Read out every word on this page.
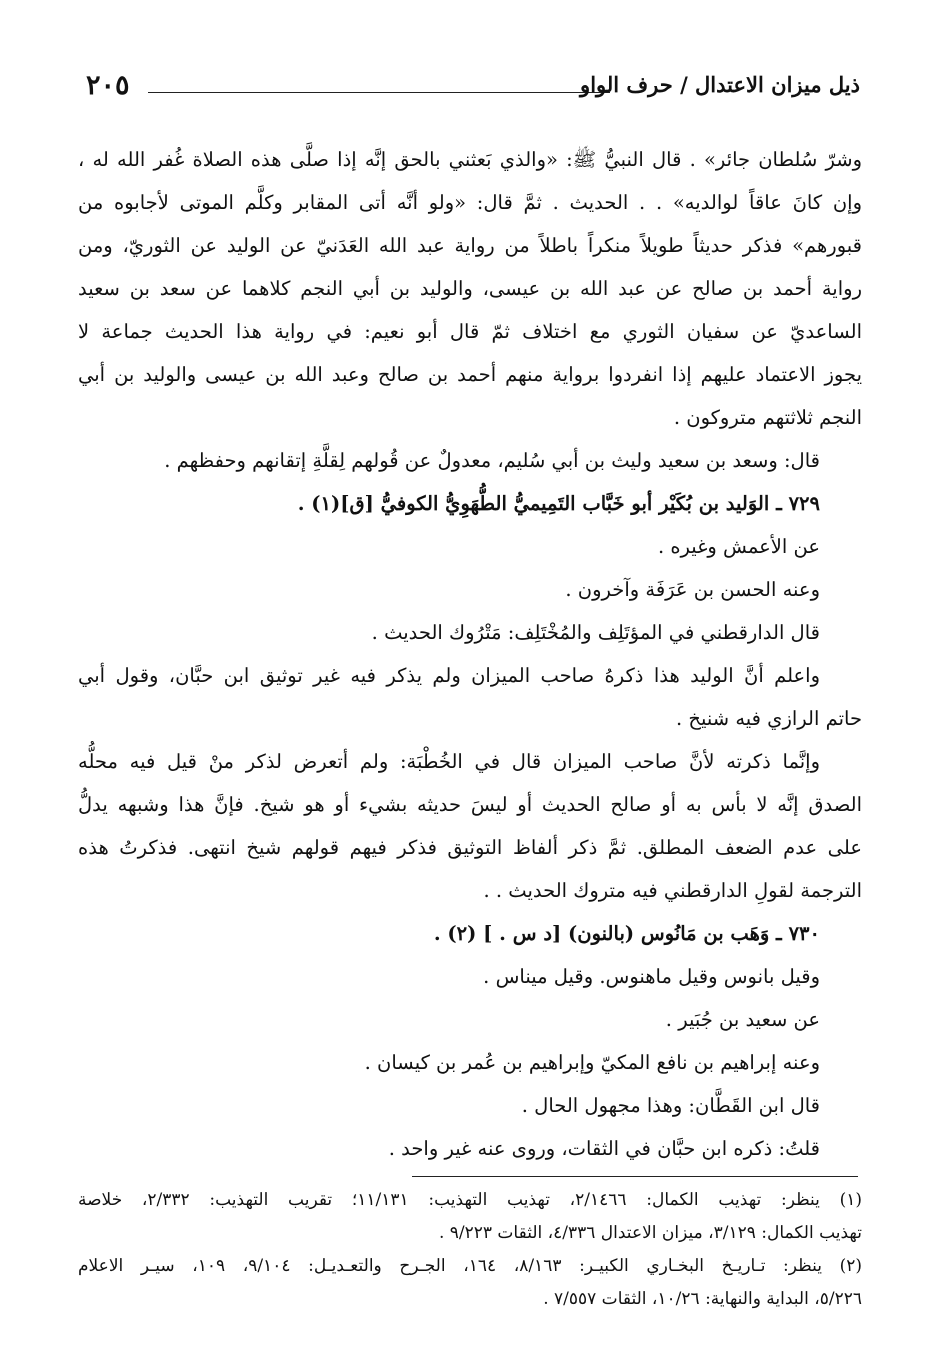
٢٠٥	ذيل ميزان الاعتدال / حرف الواو
وشرّ سُلطان جائر» . قال النبيُّ ﷺ: «والذي بَعثني بالحق إنَّه إذا صلَّى هذه الصلاة غُفر الله له ،
وإن كانَ عاقاً لوالديه» . . الحديث . ثمَّ قال: «ولو أنَّه أتى المقابر وكلَّم الموتى لأجابوه من
قبورهم» فذكر حديثاً طويلاً منكراً باطلاً من رواية عبد الله العَدَنيّ عن الوليد عن الثوريّ، ومن
رواية أحمد بن صالح عن عبد الله بن عيسى، والوليد بن أبي النجم كلاهما عن سعد بن سعيد
الساعديّ عن سفيان الثوري مع اختلاف ثمّ قال أبو نعيم: في رواية هذا الحديث جماعة لا
يجوز الاعتماد عليهم إذا انفردوا برواية منهم أحمد بن صالح وعبد الله بن عيسى والوليد بن أبي
النجم ثلاثتهم متروكون .
قال: وسعد بن سعيد وليث بن أبي سُليم، معدولٌ عن قُولهم لِقلَّةِ إتقانهم وحفظهم .
٧٢٩ ـ الوَليد بن بُكَيْر أبو خَبَّاب التَمِيميُّ الطُّهَوِيُّ الكوفيُّ [ق](١) .
عن الأعمش وغيره .
وعنه الحسن بن عَرَفَة وآخرون .
قال الدارقطني في المؤتَلِف والمُخْتَلِف: مَتْرُوك الحديث .
واعلم أنَّ الوليد هذا ذكرهُ صاحب الميزان ولم يذكر فيه غير توثيق ابن حبَّان، وقول أبي
حاتم الرازي فيه شنيخ .
وإنَّما ذكرته لأنَّ صاحب الميزان قال في الخُطْبَة: ولم أتعرض لذكر منْ قيل فيه محلُّه
الصدق إنَّه لا بأس به أو صالح الحديث أو ليسَ حديثه بشيء أو هو شيخ. فإنَّ هذا وشبهه يدلُّ
على عدم الضعف المطلق. ثمَّ ذكر ألفاظ التوثيق فذكر فيهم قولهم شيخ انتهى. فذكرتُ هذه
الترجمة لقولِ الدارقطني فيه متروك الحديث . .
٧٣٠ ـ وَهَب بن مَانُوس (بالنون) [د س . ] (٢) .
وقيل بانوس وقيل ماهنوس. وقيل ميناس .
عن سعيد بن جُبَير .
وعنه إبراهيم بن نافع المكيّ وإبراهيم بن عُمر بن كيسان .
قال ابن القَطَّان: وهذا مجهول الحال .
قلتُ: ذكره ابن حبَّان في الثقات، وروى عنه غير واحد .
(١) ينظر: تهذيب الكمال: ٢/١٤٦٦، تهذيب التهذيب: ١١/١٣١؛ تقريب التهذيب: ٢/٣٣٢، خلاصة
تهذيب الكمال: ٣/١٢٩، ميزان الاعتدال ٤/٣٣٦، الثقات ٩/٢٢٣ .
(٢) ينظر: تـاريـخ البخـاري الكبيـر: ٨/١٦٣، ١٦٤، الجـرح والتعـديـل: ٩/١٠٤، ١٠٩، سيـر الاعلام
٥/٢٢٦، البداية والنهاية: ١٠/٢٦، الثقات ٧/٥٥٧ .
